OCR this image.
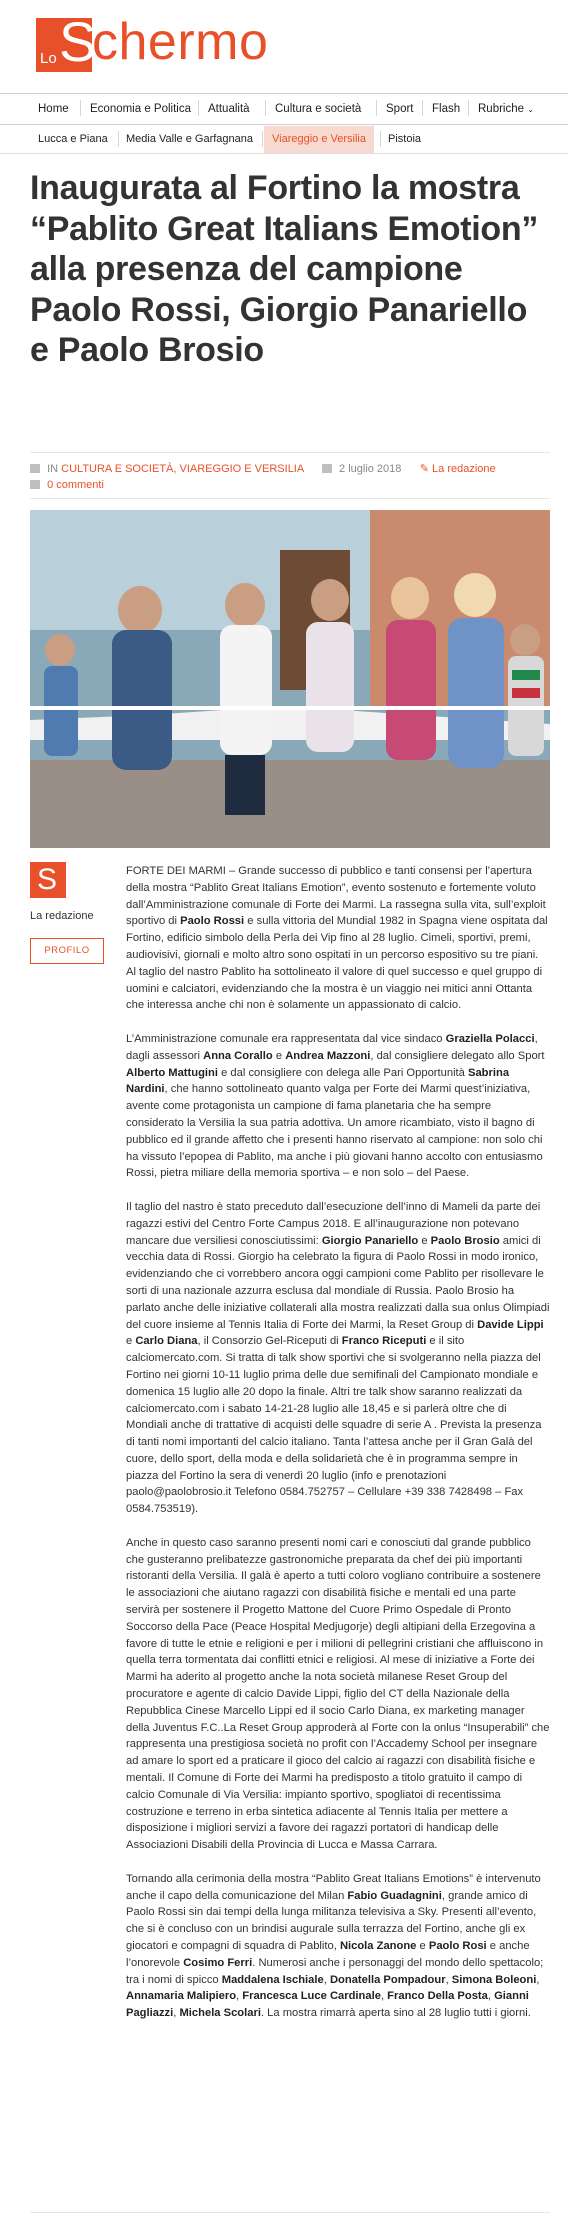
Lo S
chermo
Home Economia e Politica Attualità Cultura e società Sport Flash Rubriche ⌄
Lucca e Piana Media Valle e Garfagnana	Viareggio e Versilia	Pistoia
Inaugurata al Fortino la mostra “Pablito Great Italians Emotion” alla presenza del campione Paolo Rossi, Giorgio Panariello e Paolo Brosio
IN CULTURA E SOCIETÀ, VIAREGGIO E VERSILIA	2 luglio 2018 ✎ La redazione
0 commenti
S
La redazione
PROFILO

FORTE DEI MARMI – Grande successo di pubblico e tanti consensi per l’apertura della mostra “Pablito Great Italians Emotion”, evento sostenuto e fortemente voluto dall’Amministrazione comunale di Forte dei Marmi. La rassegna sulla vita, sull’exploit sportivo di Paolo Rossi e sulla vittoria del Mundial 1982 in Spagna viene ospitata dal Fortino, edificio simbolo della Perla dei Vip fino al 28 luglio. Cimeli, sportivi, premi, audiovisivi, giornali e molto altro sono ospitati in un percorso espositivo su tre piani. Al taglio del nastro Pablito ha sottolineato il valore di quel successo e quel gruppo di uomini e calciatori, evidenziando che la mostra è un viaggio nei mitici anni Ottanta che interessa anche chi non è solamente un appassionato di calcio.

L’Amministrazione comunale era rappresentata dal vice sindaco Graziella Polacci, dagli assessori Anna Corallo e Andrea Mazzoni, dal consigliere delegato allo Sport Alberto Mattugini e dal consigliere con delega alle Pari Opportunità Sabrina Nardini, che hanno sottolineato quanto valga per Forte dei Marmi quest’iniziativa, avente come protagonista un campione di fama planetaria che ha sempre considerato la Versilia la sua patria adottiva. Un amore ricambiato, visto il bagno di pubblico ed il grande affetto che i presenti hanno riservato al campione: non solo chi ha vissuto l’epopea di Pablito, ma anche i più giovani hanno accolto con entusiasmo Rossi, pietra miliare della memoria sportiva – e non solo – del Paese.

Il taglio del nastro è stato preceduto dall’esecuzione dell’inno di Mameli da parte dei ragazzi estivi del Centro Forte Campus 2018. E all’inaugurazione non potevano mancare due versiliesi conosciutissimi: Giorgio Panariello e Paolo Brosio amici di vecchia data di Rossi. Giorgio ha celebrato la figura di Paolo Rossi in modo ironico, evidenziando che ci vorrebbero ancora oggi campioni come Pablito per risollevare le sorti di una nazionale azzurra esclusa dal mondiale di Russia. Paolo Brosio ha parlato anche delle iniziative collaterali alla mostra realizzati dalla sua onlus Olimpiadi del cuore insieme al Tennis Italia di Forte dei Marmi, la Reset Group di Davide Lippi e Carlo Diana, il Consorzio Gel-Riceputi di Franco Riceputi e il sito calciomercato.com. Si tratta di talk show sportivi che si svolgeranno nella piazza del Fortino nei giorni 10-11 luglio prima delle due semifinali del Campionato mondiale e domenica 15 luglio alle 20 dopo la finale. Altri tre talk show saranno realizzati da calciomercato.com i sabato 14-21-28 luglio alle 18,45 e si parlerà oltre che di Mondiali anche di trattative di acquisti delle squadre di serie A . Prevista la presenza di tanti nomi importanti del calcio italiano. Tanta l’attesa anche per il Gran Galà del cuore, dello sport, della moda e della solidarietà che è in programma sempre in piazza del Fortino la sera di venerdì 20 luglio (info e prenotazioni paolo@paolobrosio.it Telefono 0584.752757 – Cellulare +39 338 7428498 – Fax 0584.753519).

Anche in questo caso saranno presenti nomi cari e conosciuti dal grande pubblico che gusteranno prelibatezze gastronomiche preparata da chef dei più importanti ristoranti della Versilia. Il galà è aperto a tutti coloro vogliano contribuire a sostenere le associazioni che aiutano ragazzi con disabilità fisiche e mentali ed una parte servirà per sostenere il Progetto Mattone del Cuore Primo Ospedale di Pronto Soccorso della Pace (Peace Hospital Medjugorje) degli altipiani della Erzegovina a favore di tutte le etnie e religioni e per i milioni di pellegrini cristiani che affluiscono in quella terra tormentata dai conflitti etnici e religiosi. Al mese di iniziative a Forte dei Marmi ha aderito al progetto anche la nota società milanese Reset Group del procuratore e agente di calcio Davide Lippi, figlio del CT della Nazionale della Repubblica Cinese Marcello Lippi ed il socio Carlo Diana, ex marketing manager della Juventus F.C..La Reset Group approderà al Forte con la onlus “Insuperabili” che rappresenta una prestigiosa società no profit con l’Accademy School per insegnare ad amare lo sport ed a praticare il gioco del calcio ai ragazzi con disabilità fisiche e mentali. Il Comune di Forte dei Marmi ha predisposto a titolo gratuito il campo di calcio Comunale di Via Versilia: impianto sportivo, spogliatoi di recentissima costruzione e terreno in erba sintetica adiacente al Tennis Italia per mettere a disposizione i migliori servizi a favore dei ragazzi portatori di handicap delle Associazioni Disabili della Provincia di Lucca e Massa Carrara.

Tornando alla cerimonia della mostra “Pablito Great Italians Emotions” è intervenuto anche il capo della comunicazione del Milan Fabio Guadagnini, grande amico di Paolo Rossi sin dai tempi della lunga militanza televisiva a Sky. Presenti all’evento, che si è concluso con un brindisi augurale sulla terrazza del Fortino, anche gli ex giocatori e compagni di squadra di Pablito, Nicola Zanone e Paolo Rosi e anche l’onorevole Cosimo Ferri. Numerosi anche i personaggi del mondo dello spettacolo; tra i nomi di spicco Maddalena Ischiale, Donatella Pompadour, Simona Boleoni, Annamaria Malipiero, Francesca Luce Cardinale, Franco Della Posta, Gianni Pagliazzi, Michela Scolari. La mostra rimarrà aperta sino al 28 luglio tutti i giorni.
